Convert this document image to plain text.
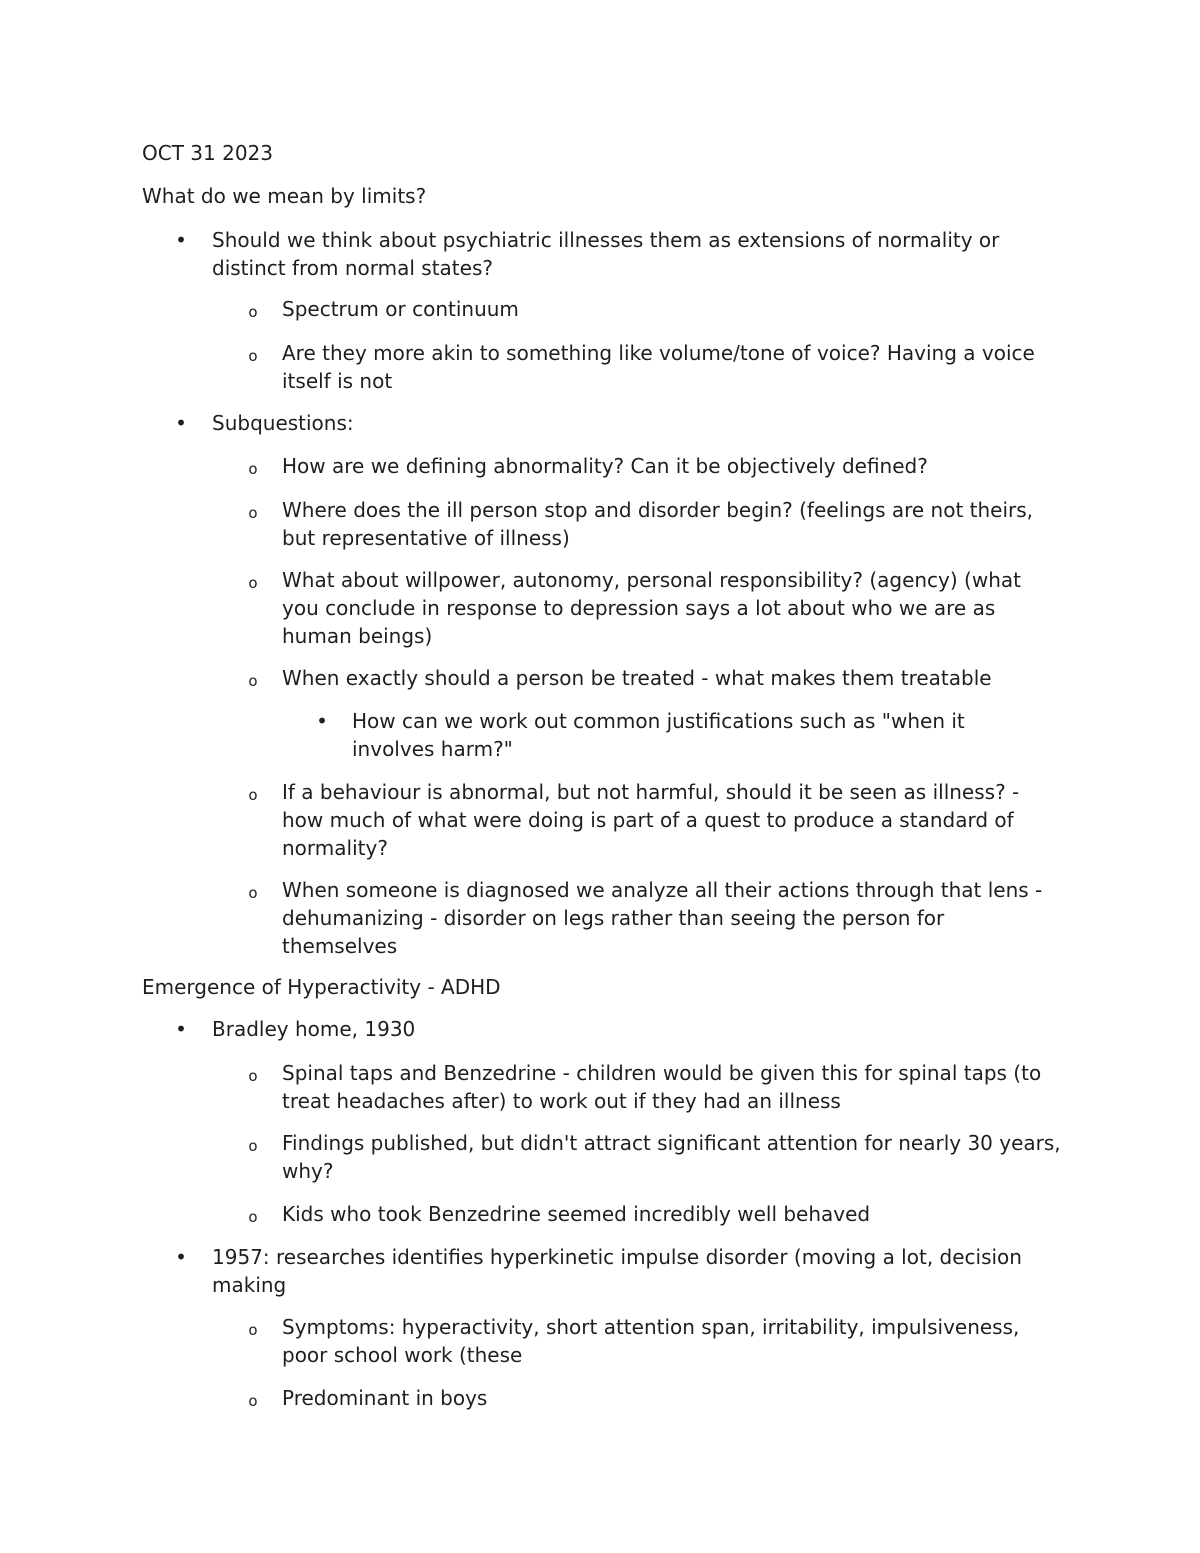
OCT 31 2023

What do we mean by limits?

•	Should we think about psychiatric illnesses them as extensions of normality or distinct from normal states?
o	Spectrum or continuum
o	Are they more akin to something like volume/tone of voice? Having a voice itself is not
•	Subquestions:
o	How are we defining abnormality? Can it be objectively defined?
o	Where does the ill person stop and disorder begin? (feelings are not theirs, but representative of illness)
o	What about willpower, autonomy, personal responsibility? (agency) (what you conclude in response to depression says a lot about who we are as human beings)
o	When exactly should a person be treated - what makes them treatable
•	How can we work out common justifications such as "when it involves harm?"
o	If a behaviour is abnormal, but not harmful, should it be seen as illness? - how much of what were doing is part of a quest to produce a standard of normality?
o	When someone is diagnosed we analyze all their actions through that lens - dehumanizing - disorder on legs rather than seeing the person for themselves

Emergence of Hyperactivity - ADHD

•	Bradley home, 1930
o	Spinal taps and Benzedrine - children would be given this for spinal taps (to treat headaches after) to work out if they had an illness
o	Findings published, but didn't attract significant attention for nearly 30 years, why?
o	Kids who took Benzedrine seemed incredibly well behaved
•	1957: researches identifies hyperkinetic impulse disorder (moving a lot, decision making
o	Symptoms: hyperactivity, short attention span, irritability, impulsiveness, poor school work (these
o	Predominant in boys
